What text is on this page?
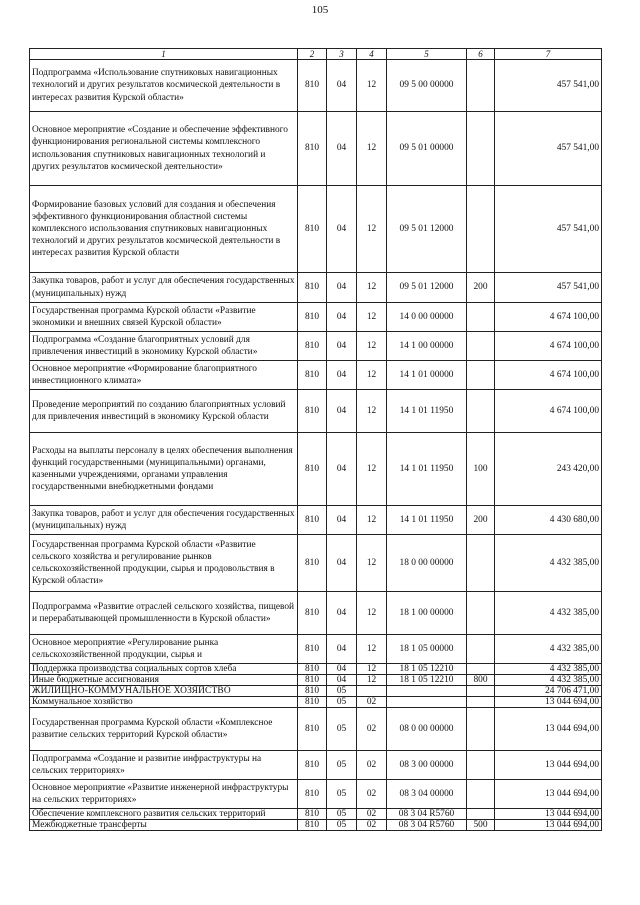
105
1	2	3	4	5	6	7
Подпрограмма «Использование спутниковых навигационных технологий и других результатов космической деятельности в интересах развития Курской области»	810	04	12	09 5 00 00000		457 541,00
Основное мероприятие «Создание и обеспечение эффективного функционирования региональной системы комплексного использования спутниковых навигационных технологий и других результатов космической деятельности»	810	04	12	09 5 01 00000		457 541,00
Формирование базовых условий для создания и обеспечения эффективного функционирования областной системы комплексного использования спутниковых навигационных технологий и других результатов космической деятельности в интересах развития Курской области	810	04	12	09 5 01 12000		457 541,00
Закупка товаров, работ и услуг для обеспечения государственных (муниципальных) нужд	810	04	12	09 5 01 12000	200	457 541,00
Государственная программа Курской области «Развитие экономики и внешних связей Курской области»	810	04	12	14 0 00 00000		4 674 100,00
Подпрограмма «Создание благоприятных условий для привлечения инвестиций в экономику Курской области»	810	04	12	14 1 00 00000		4 674 100,00
Основное мероприятие «Формирование благоприятного инвестиционного климата»	810	04	12	14 1 01 00000		4 674 100,00
Проведение мероприятий по созданию благоприятных условий для привлечения инвестиций в экономику Курской области	810	04	12	14 1 01 11950		4 674 100,00
Расходы на выплаты персоналу в целях обеспечения выполнения функций государственными (муниципальными) органами, казенными учреждениями, органами управления государственными внебюджетными фондами	810	04	12	14 1 01 11950	100	243 420,00
Закупка товаров, работ и услуг для обеспечения государственных (муниципальных) нужд	810	04	12	14 1 01 11950	200	4 430 680,00
Государственная программа Курской области «Развитие сельского хозяйства и регулирование рынков сельскохозяйственной продукции, сырья и продовольствия в Курской области»	810	04	12	18 0 00 00000		4 432 385,00
Подпрограмма «Развитие отраслей сельского хозяйства, пищевой и перерабатывающей промышленности в Курской области»	810	04	12	18 1 00 00000		4 432 385,00
Основное мероприятие «Регулирование рынка сельскохозяйственной продукции, сырья и	810	04	12	18 1 05 00000		4 432 385,00
Поддержка производства социальных сортов хлеба	810	04	12	18 1 05 12210		4 432 385,00
Иные бюджетные ассигнования	810	04	12	18 1 05 12210	800	4 432 385,00
ЖИЛИЩНО-КОММУНАЛЬНОЕ ХОЗЯЙСТВО	810	05				24 706 471,00
Коммунальное хозяйство	810	05	02			13 044 694,00
Государственная программа Курской области «Комплексное развитие сельских территорий Курской области»	810	05	02	08 0 00 00000		13 044 694,00
Подпрограмма «Создание и развитие инфраструктуры на сельских территориях»	810	05	02	08 3 00 00000		13 044 694,00
Основное мероприятие «Развитие инженерной инфраструктуры на сельских территориях»	810	05	02	08 3 04 00000		13 044 694,00
Обеспечение комплексного развития сельских территорий	810	05	02	08 3 04 R5760		13 044 694,00
Межбюджетные трансферты	810	05	02	08 3 04 R5760	500	13 044 694,00
